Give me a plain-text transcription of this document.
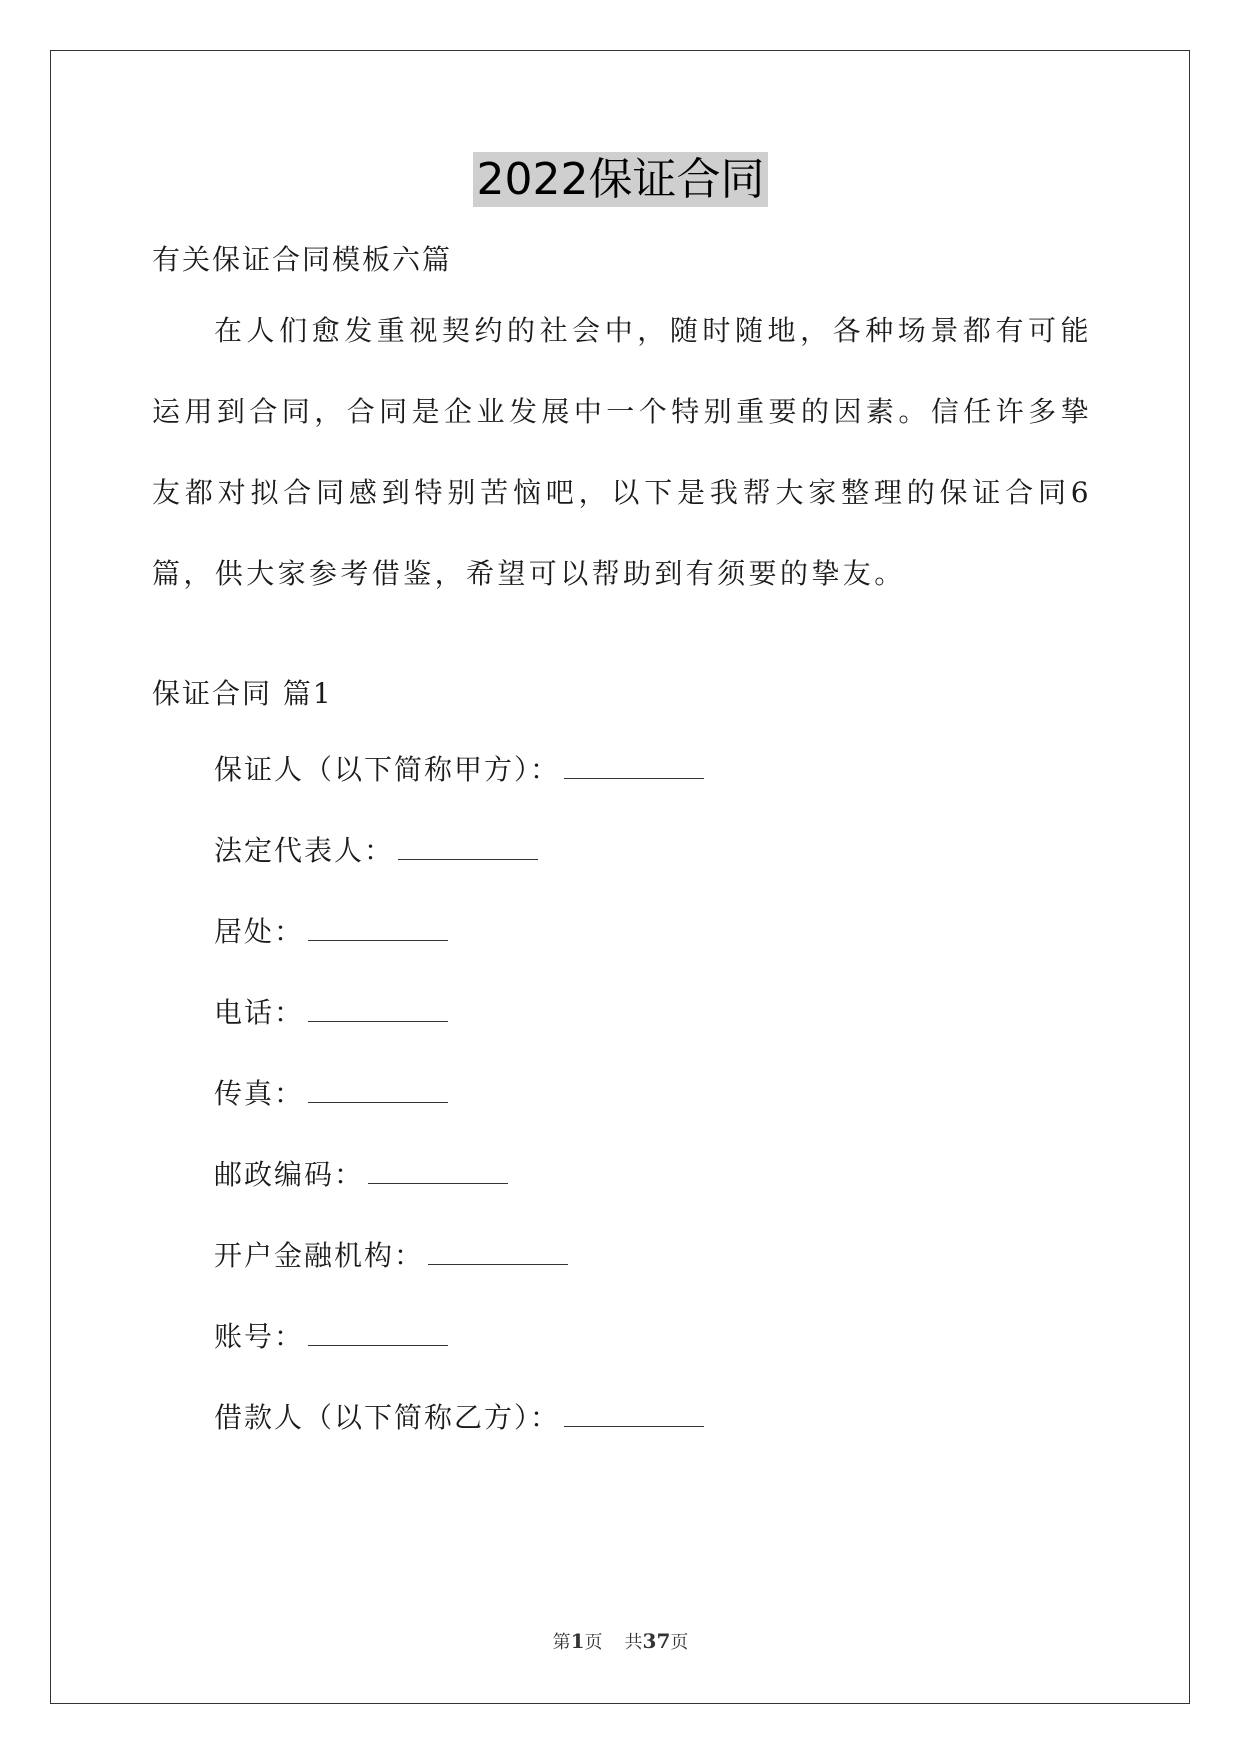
2022保证合同
有关保证合同模板六篇
在人们愈发重视契约的社会中，随时随地，各种场景都有可能运用到合同，合同是企业发展中一个特别重要的因素。信任许多挚友都对拟合同感到特别苦恼吧，以下是我帮大家整理的保证合同6篇，供大家参考借鉴，希望可以帮助到有须要的挚友。
保证合同 篇1
保证人（以下简称甲方）：
法定代表人：
居处：
电话：
传真：
邮政编码：
开户金融机构：
账号：
借款人（以下简称乙方）：
第1页 共37页
